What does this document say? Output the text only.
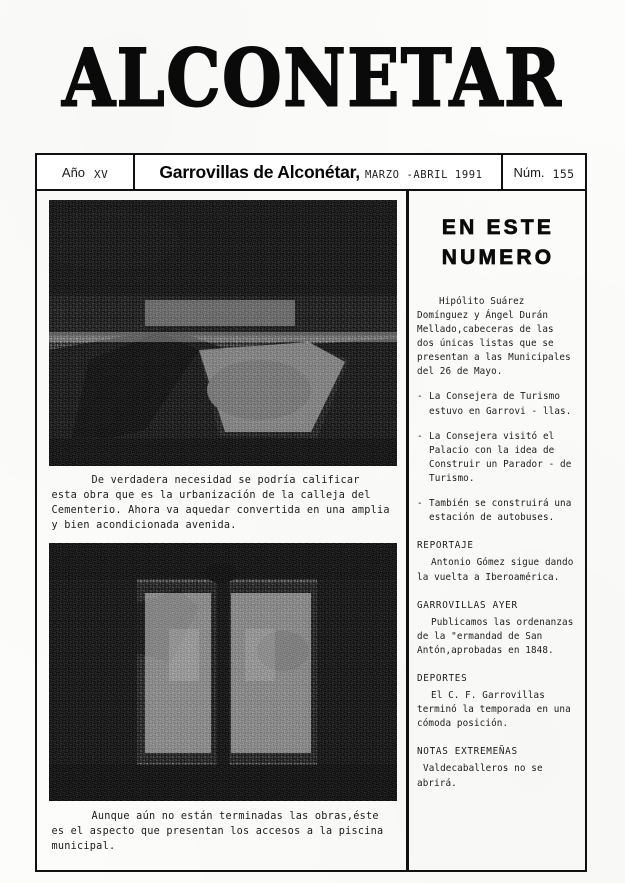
ALCONETAR
Año XV	Garrovillas de Alconétar, MARZO -ABRIL 1991 Núm. 155
De verdadera necesidad se podría calificar esta obra que es la urbanización de la calleja del Cementerio. Ahora va aquedar convertida en una amplia y bien acondicionada avenida.
Aunque aún no están terminadas las obras,éste es el aspecto que presentan los accesos a la piscina municipal.
EN ESTE NUMERO
Hipólito Suárez Domínguez y Ángel Durán Mellado,cabeceras de las  dos únicas listas que se presentan a las Municipales del 26 de Mayo.
- La Consejera de Turismo estuvo en Garrovi - llas.
- La Consejera visitó el Palacio con la idea de Construir un Parador - de Turismo.
- También se construirá una estación de autobuses.
REPORTAJE
Antonio Gómez sigue dando la vuelta a Iberoamérica.
GARROVILLAS AYER
Publicamos las ordenanzas de la "ermandad de San Antón,aprobadas en 1848.
DEPORTES
El C. F. Garrovillas terminó la temporada en una cómoda posición.
NOTAS EXTREMEÑAS
Valdecaballeros no se abrirá.
